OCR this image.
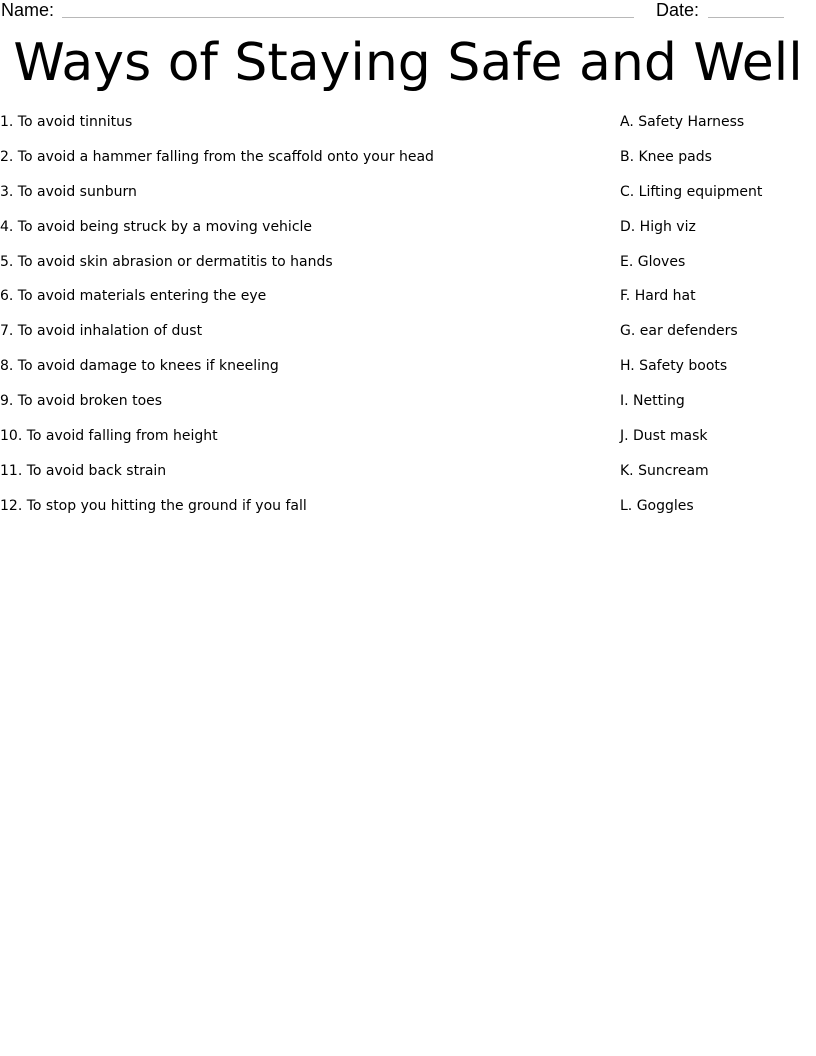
Name:	Date:
Ways of Staying Safe and Well
1. To avoid tinnitus
2. To avoid a hammer falling from the scaffold onto your head
3. To avoid sunburn
4. To avoid being struck by a moving vehicle
5. To avoid skin abrasion or dermatitis to hands
6. To avoid materials entering the eye
7. To avoid inhalation of dust
8. To avoid damage to knees if kneeling
9. To avoid broken toes
10. To avoid falling from height
11. To avoid back strain
12. To stop you hitting the ground if you fall
A. Safety Harness
B. Knee pads
C. Lifting equipment
D. High viz
E. Gloves
F. Hard hat
G. ear defenders
H. Safety boots
I. Netting
J. Dust mask
K. Suncream
L. Goggles
